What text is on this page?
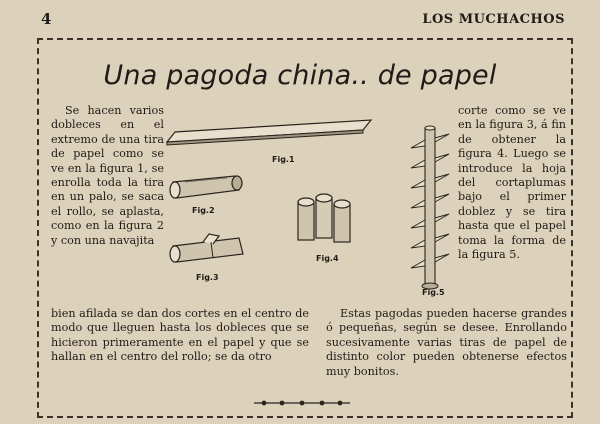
4	LOS MUCHACHOS
Una pagoda china.. de papel

Se hacen varios dobleces en el extremo de una tira de papel como se ve en la figura 1, se enrolla toda la tira en un palo, se saca el rollo, se aplasta, como en la figura 2 y con una navajita

bien afilada se dan dos cortes en el centro de modo que lleguen hasta los dobleces que se hicieron primeramente en el papel y que se hallan en el centro del rollo; se da otro

corte como se ve en la figura 3, á fin de obtener la figura 4. Luego se introduce la hoja del cortaplumas bajo el primer doblez y se tira hasta que el papel toma la forma de la figura 5.

Estas pagodas pueden hacerse grandes ó pequeñas, según se desee. Enrollando sucesivamente varias tiras de papel de distinto color pueden obtenerse efectos muy bonitos.

Fig.1
Fig.2
Fig.3
Fig.4
Fig.5
